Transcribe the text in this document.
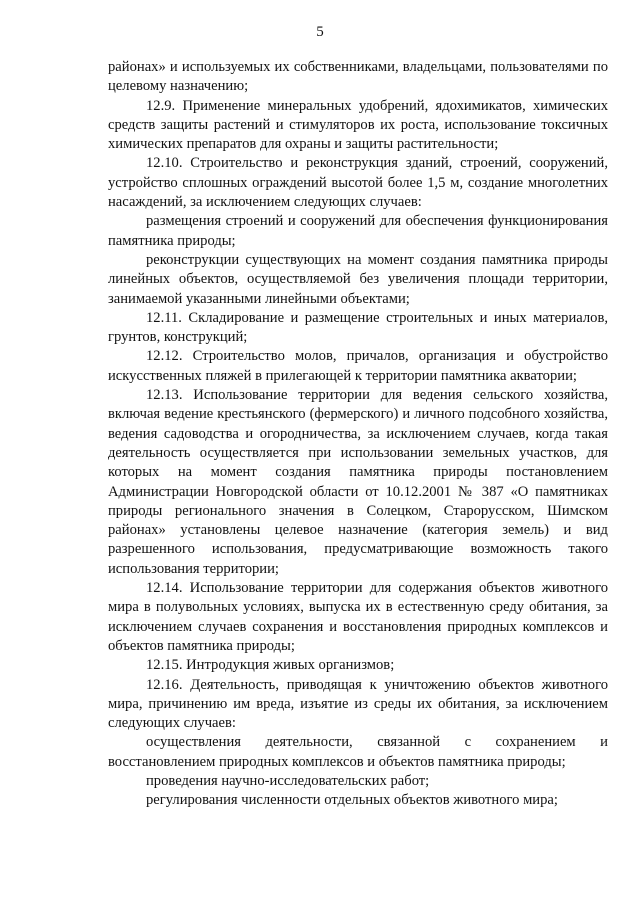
5

районах» и используемых их собственниками, владельцами, пользователями по целевому назначению;

12.9. Применение минеральных удобрений, ядохимикатов, химических средств защиты растений и стимуляторов их роста, использование токсичных химических препаратов для охраны и защиты растительности;

12.10. Строительство и реконструкция зданий, строений, сооружений, устройство сплошных ограждений высотой более 1,5 м, создание многолетних насаждений, за исключением следующих случаев:

размещения строений и сооружений для обеспечения функционирования памятника природы;

реконструкции существующих на момент создания памятника природы линейных объектов, осуществляемой без увеличения площади территории, занимаемой указанными линейными объектами;

12.11. Складирование и размещение строительных и иных материалов, грунтов, конструкций;

12.12. Строительство молов, причалов, организация и обустройство искусственных пляжей в прилегающей к территории памятника акватории;

12.13. Использование территории для ведения сельского хозяйства, включая ведение крестьянского (фермерского) и личного подсобного хозяйства, ведения садоводства и огородничества, за исключением случаев, когда такая деятельность осуществляется при использовании земельных участков, для которых на момент создания памятника природы постановлением Администрации Новгородской области от 10.12.2001 № 387 «О памятниках природы регионального значения в Солецком, Старорусском, Шимском районах» установлены целевое назначение (категория земель) и вид разрешенного использования, предусматривающие возможность такого использования территории;

12.14. Использование территории для содержания объектов животного мира в полувольных условиях, выпуска их в естественную среду обитания, за исключением случаев сохранения и восстановления природных комплексов и объектов памятника природы;

12.15. Интродукция живых организмов;

12.16. Деятельность, приводящая к уничтожению объектов животного мира, причинению им вреда, изъятие из среды их обитания, за исключением следующих случаев:

осуществления деятельности, связанной с сохранением и восстановлением природных комплексов и объектов памятника природы;

проведения научно-исследовательских работ;

регулирования численности отдельных объектов животного мира;
